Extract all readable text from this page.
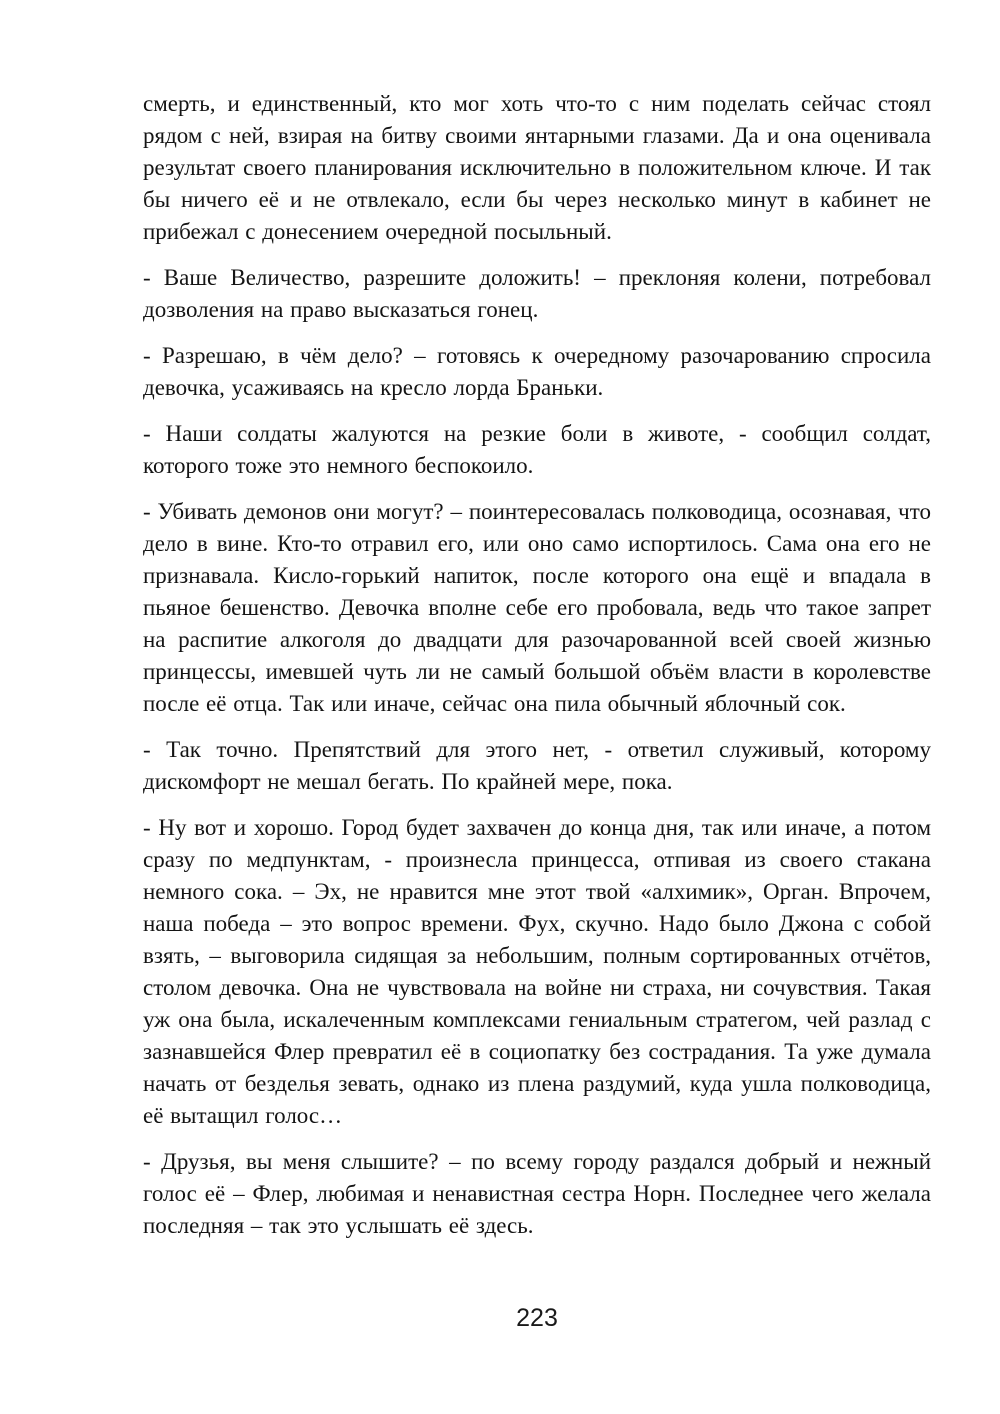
смерть, и единственный, кто мог хоть что-то с ним поделать сейчас стоял рядом с ней, взирая на битву своими янтарными глазами. Да и она оценивала результат своего планирования исключительно в положительном ключе. И так бы ничего её и не отвлекало, если бы через несколько минут в кабинет не прибежал с донесением очередной посыльный.

- Ваше Величество, разрешите доложить! – преклоняя колени, потребовал дозволения на право высказаться гонец.

- Разрешаю, в чём дело? – готовясь к очередному разочарованию спросила девочка, усаживаясь на кресло лорда Браньки.

- Наши солдаты жалуются на резкие боли в животе, - сообщил солдат, которого тоже это немного беспокоило.

- Убивать демонов они могут? – поинтересовалась полководица, осознавая, что дело в вине. Кто-то отравил его, или оно само испортилось. Сама она его не признавала. Кисло-горький напиток, после которого она ещё и впадала в пьяное бешенство. Девочка вполне себе его пробовала, ведь что такое запрет на распитие алкоголя до двадцати для разочарованной всей своей жизнью принцессы, имевшей чуть ли не самый большой объём власти в королевстве после её отца. Так или иначе, сейчас она пила обычный яблочный сок.

- Так точно. Препятствий для этого нет, - ответил служивый, которому дискомфорт не мешал бегать. По крайней мере, пока.

- Ну вот и хорошо. Город будет захвачен до конца дня, так или иначе, а потом сразу по медпунктам, - произнесла принцесса, отпивая из своего стакана немного сока. – Эх, не нравится мне этот твой «алхимик», Орган. Впрочем, наша победа – это вопрос времени. Фух, скучно. Надо было Джона с собой взять, – выговорила сидящая за небольшим, полным сортированных отчётов, столом девочка. Она не чувствовала на войне ни страха, ни сочувствия. Такая уж она была, искалеченным комплексами гениальным стратегом, чей разлад с зазнавшейся Флер превратил её в социопатку без сострадания. Та уже думала начать от безделья зевать, однако из плена раздумий, куда ушла полководица, её вытащил голос…

- Друзья, вы меня слышите? – по всему городу раздался добрый и нежный голос её – Флер, любимая и ненавистная сестра Норн. Последнее чего желала последняя – так это услышать её здесь.

223
